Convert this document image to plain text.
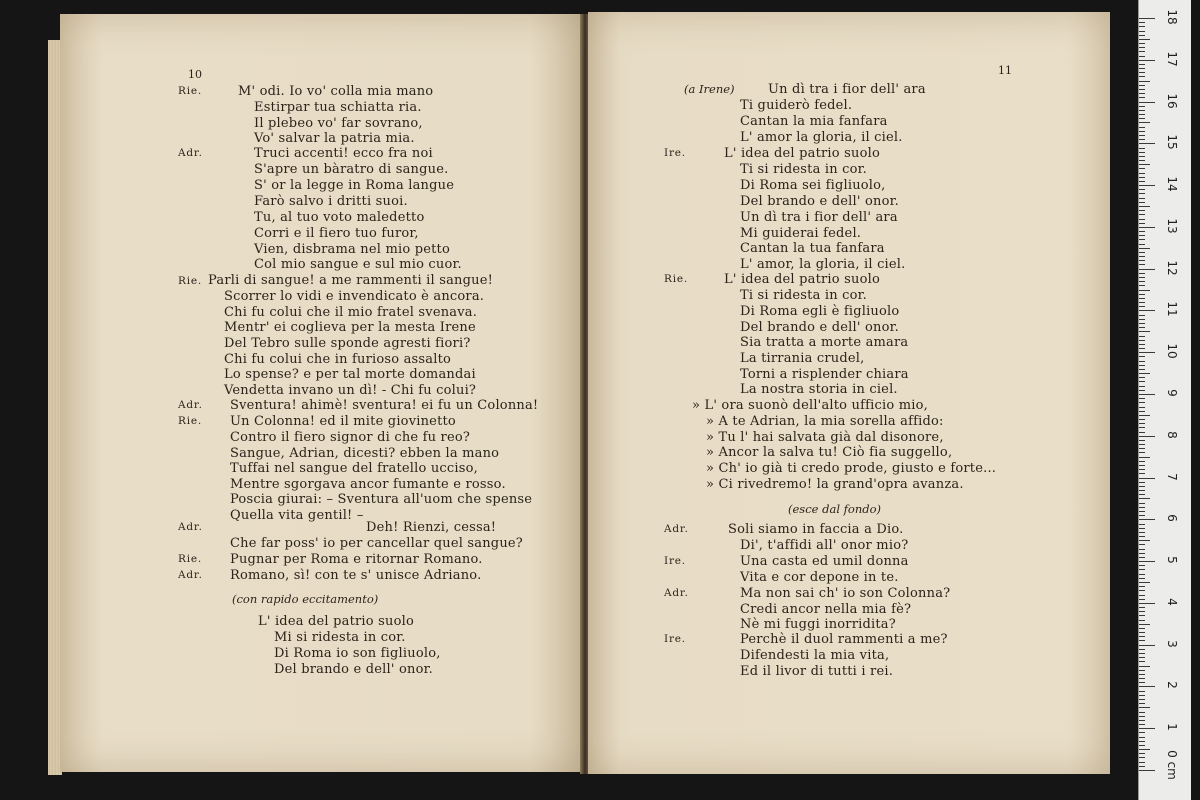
10
Rie.
Adr.
Rie.
Adr.
Rie.
Adr.
Rie.
Adr.
M' odi. Io vo' colla mia mano
Estirpar tua schiatta ria.
Il plebeo vo' far sovrano,
Vo' salvar la patria mia.
Truci accenti! ecco fra noi
S'apre un bàratro di sangue.
S' or la legge in Roma langue
Farò salvo i dritti suoi.
Tu, al tuo voto maledetto
Corri e il fiero tuo furor,
Vien, disbrama nel mio petto
Col mio sangue e sul mio cuor.
Parli di sangue! a me rammenti il sangue!
Scorrer lo vidi e invendicato è ancora.
Chi fu colui che il mio fratel svenava.
Mentr' ei coglieva per la mesta Irene
Del Tebro sulle sponde agresti fiori?
Chi fu colui che in furioso assalto
Lo spense? e per tal morte domandai
Vendetta invano un dì! - Chi fu colui?
Sventura! ahimè! sventura! ei fu un Colonna!
Un Colonna! ed il mite giovinetto
Contro il fiero signor di che fu reo?
Sangue, Adrian, dicesti? ebben la mano
Tuffai nel sangue del fratello ucciso,
Mentre sgorgava ancor fumante e rosso.
Poscia giurai: – Sventura all'uom che spense
Quella vita gentil! –
Deh! Rienzi, cessa!
Che far poss' io per cancellar quel sangue?
Pugnar per Roma e ritornar Romano.
Romano, sì! con te s' unisce Adriano.
(con rapido eccitamento)
L' idea del patrio suolo
Mi si ridesta in cor.
Di Roma io son figliuolo,
Del brando e dell' onor.
11
(a Irene)
Ire.
Rie.
Adr.
Ire.
Adr.
Ire.
Un dì tra i fior dell' ara
Ti guiderò fedel.
Cantan la mia fanfara
L' amor la gloria, il ciel.
L' idea del patrio suolo
Ti si ridesta in cor.
Di Roma sei figliuolo,
Del brando e dell' onor.
Un dì tra i fior dell' ara
Mi guiderai fedel.
Cantan la tua fanfara
L' amor, la gloria, il ciel.
L' idea del patrio suolo
Ti si ridesta in cor.
Di Roma egli è figliuolo
Del brando e dell' onor.
Sia tratta a morte amara
La tirrania crudel,
Torni a risplender chiara
La nostra storia in ciel.
» L' ora suonò dell'alto ufficio mio,
» A te Adrian, la mia sorella affido:
» Tu l' hai salvata già dal disonore,
» Ancor la salva tu! Ciò fia suggello,
» Ch' io già ti credo prode, giusto e forte...
» Ci rivedremo! la grand'opra avanza.
(esce dal fondo)
Soli siamo in faccia a Dio.
Di', t'affidi all' onor mio?
Una casta ed umil donna
Vita e cor depone in te.
Ma non sai ch' io son Colonna?
Credi ancor nella mia fè?
Nè mi fuggi inorridita?
Perchè il duol rammenti a me?
Difendesti la mia vita,
Ed il livor di tutti i rei.
0 cm
1
2
3
4
5
6
7
8
9
10
11
12
13
14
15
16
17
18
